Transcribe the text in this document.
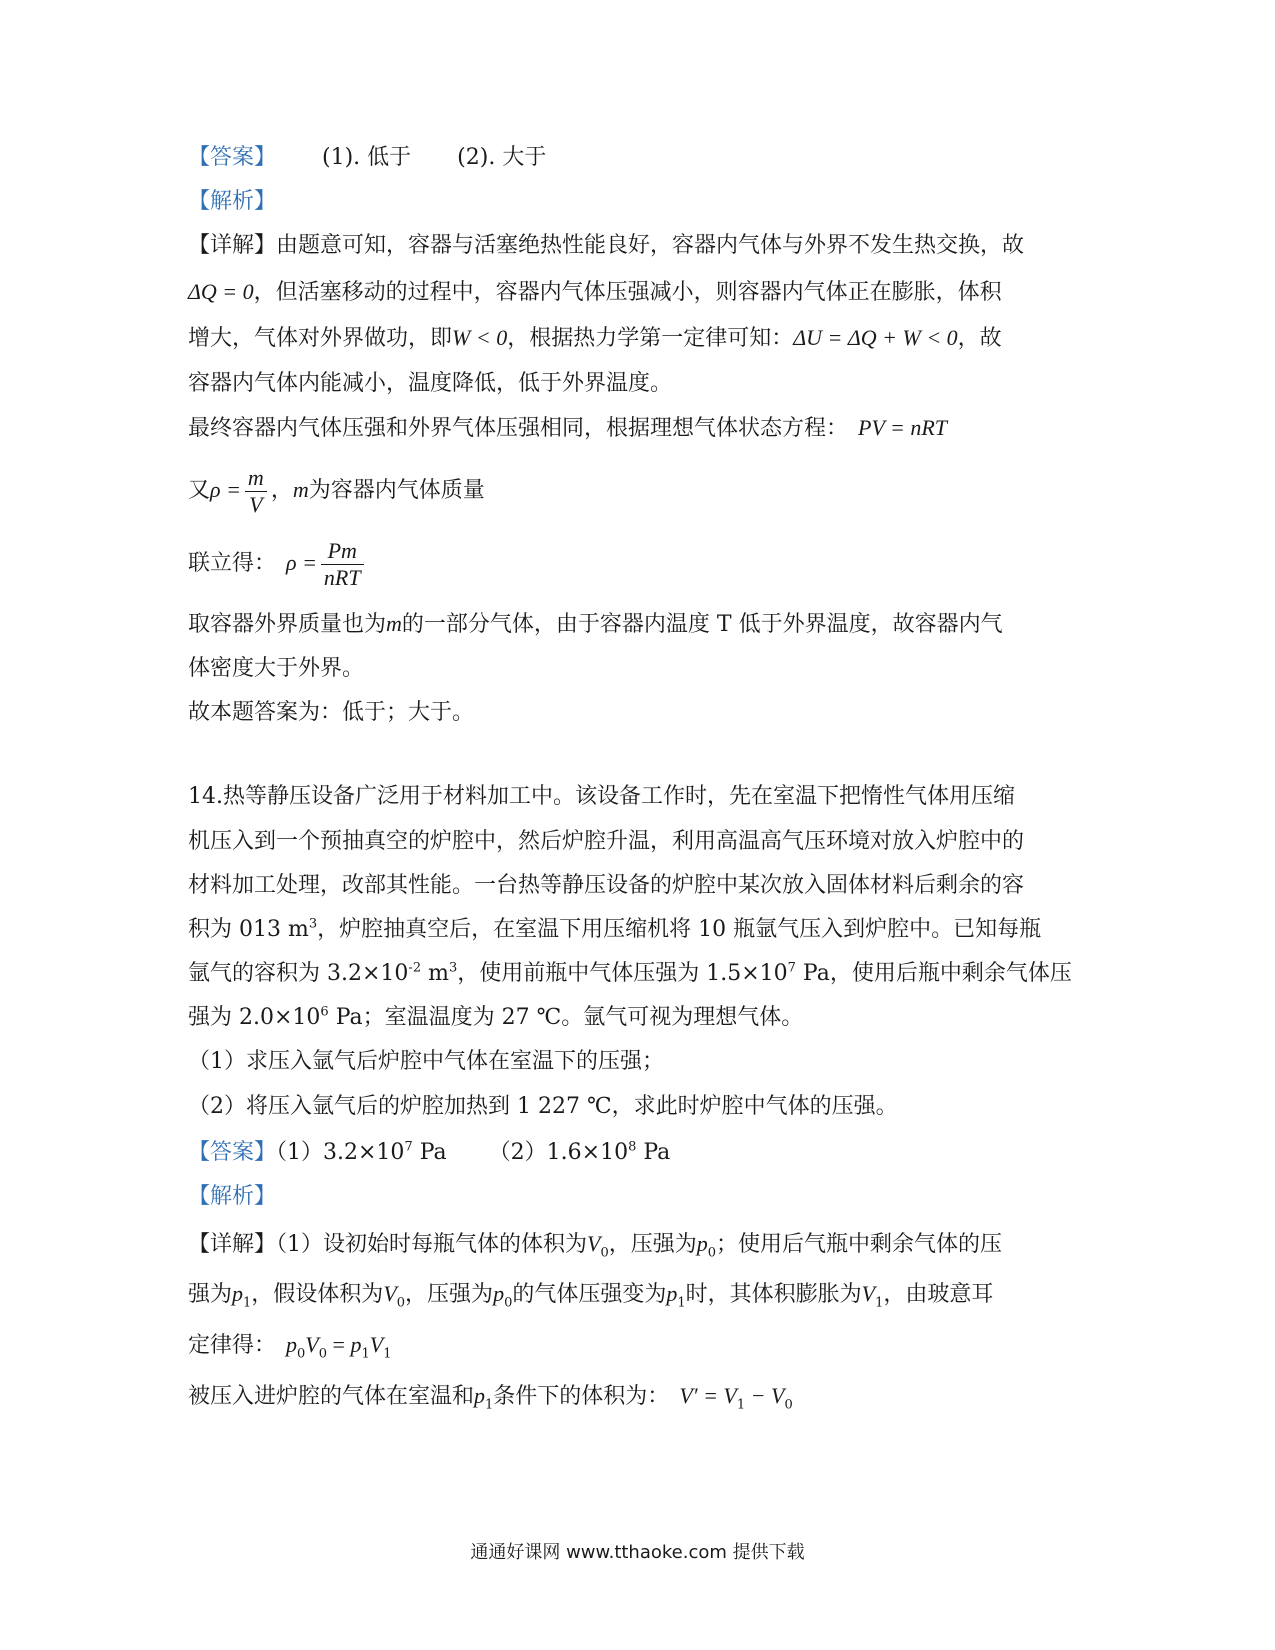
【答案】 (1). 低于 (2). 大于
【解析】
【详解】由题意可知，容器与活塞绝热性能良好，容器内气体与外界不发生热交换，故
ΔQ = 0，但活塞移动的过程中，容器内气体压强减小，则容器内气体正在膨胀，体积
增大，气体对外界做功，即W < 0，根据热力学第一定律可知：ΔU = ΔQ + W < 0，故
容器内气体内能减小，温度降低，低于外界温度。
最终容器内气体压强和外界气体压强相同，根据理想气体状态方程： PV = nRT
又$\rho = \frac{m}{V}$ ，m为容器内气体质量
联立得： $\rho = \frac{Pm}{\text{nRT}}$
取容器外界质量也为m的一部分气体，由于容器内温度 T 低于外界温度，故容器内气
体密度大于外界。
故本题答案为：低于；大于。
14.热等静压设备广泛用于材料加工中。该设备工作时，先在室温下把惰性气体用压缩
机压入到一个预抽真空的炉腔中，然后炉腔升温，利用高温高气压环境对放入炉腔中的
材料加工处理，改部其性能。一台热等静压设备的炉腔中某次放入固体材料后剩余的容
积为 013 $m^3$，炉腔抽真空后，在室温下用压缩机将 10 瓶氩气压入到炉腔中。已知每瓶
氩气的容积为 $3.2\times 10^{-2}$ $m^3$，使用前瓶中气体压强为 $1.5\times 10^7$ Pa，使用后瓶中剩余气体压
强为 $2.0\times 10^6$ Pa；室温温度为 27 ℃。氩气可视为理想气体。
（1）求压入氩气后炉腔中气体在室温下的压强；
（2）将压入氩气后的炉腔加热到 1 227 ℃，求此时炉腔中气体的压强。
【答案】$(1)3.2\times 10^7$ Pa $(2)1.6\times 10^8$ Pa
【解析】
【详解】（1）设初始时每瓶气体的体积为$V_0$，压强为$p_0$；使用后气瓶中剩余气体的压
强为$p_1$，假设体积为$V_0$，压强为$p_0$的气体压强变为$p_1$时，其体积膨胀为$V_1$，由玻意耳
定律得： $p_0V_0 = p_1V_1$
被压入进炉腔的气体在室温和$p_1$条件下的体积为： $V' = V_1 - V_0$
通通好课网 www.tthaoke.com 提供下载
